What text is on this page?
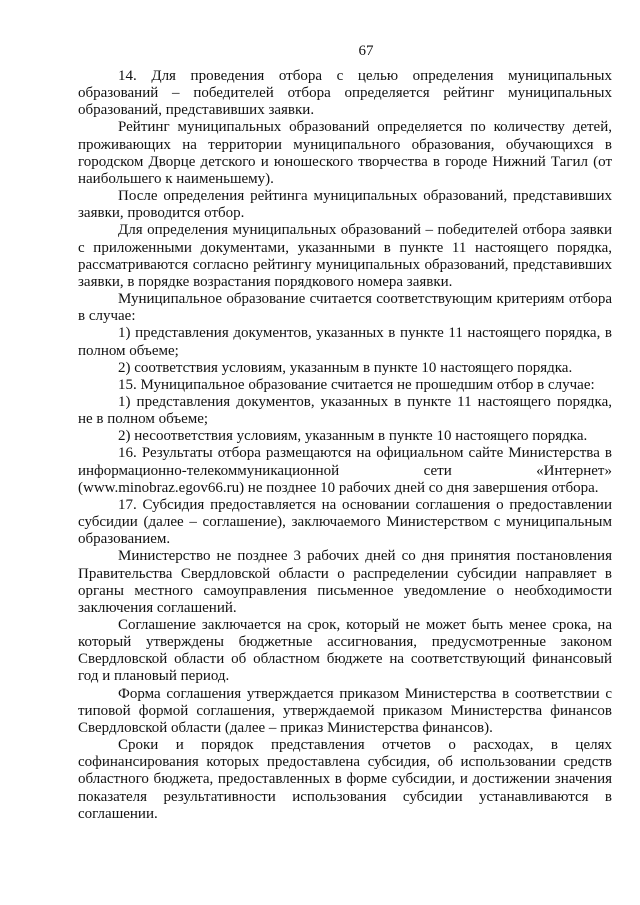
67

14. Для проведения отбора с целью определения муниципальных образований – победителей отбора определяется рейтинг муниципальных образований, представивших заявки.

Рейтинг муниципальных образований определяется по количеству детей, проживающих на территории муниципального образования, обучающихся в городском Дворце детского и юношеского творчества в городе Нижний Тагил (от наибольшего к наименьшему).

После определения рейтинга муниципальных образований, представивших заявки, проводится отбор.

Для определения муниципальных образований – победителей отбора заявки с приложенными документами, указанными в пункте 11 настоящего порядка, рассматриваются согласно рейтингу муниципальных образований, представивших заявки, в порядке возрастания порядкового номера заявки.

Муниципальное образование считается соответствующим критериям отбора в случае:

1) представления документов, указанных в пункте 11 настоящего порядка, в полном объеме;

2) соответствия условиям, указанным в пункте 10 настоящего порядка.

15. Муниципальное образование считается не прошедшим отбор в случае:

1) представления документов, указанных в пункте 11 настоящего порядка, не в полном объеме;

2) несоответствия условиям, указанным в пункте 10 настоящего порядка.

16. Результаты отбора размещаются на официальном сайте Министерства в информационно-телекоммуникационной сети «Интернет» (www.minobraz.egov66.ru) не позднее 10 рабочих дней со дня завершения отбора.

17. Субсидия предоставляется на основании соглашения о предоставлении субсидии (далее – соглашение), заключаемого Министерством с муниципальным образованием.

Министерство не позднее 3 рабочих дней со дня принятия постановления Правительства Свердловской области о распределении субсидии направляет в органы местного самоуправления письменное уведомление о необходимости заключения соглашений.

Соглашение заключается на срок, который не может быть менее срока, на который утверждены бюджетные ассигнования, предусмотренные законом Свердловской области об областном бюджете на соответствующий финансовый год и плановый период.

Форма соглашения утверждается приказом Министерства в соответствии с типовой формой соглашения, утверждаемой приказом Министерства финансов Свердловской области (далее – приказ Министерства финансов).

Сроки и порядок представления отчетов о расходах, в целях софинансирования которых предоставлена субсидия, об использовании средств областного бюджета, предоставленных в форме субсидии, и достижении значения показателя результативности использования субсидии устанавливаются в соглашении.
